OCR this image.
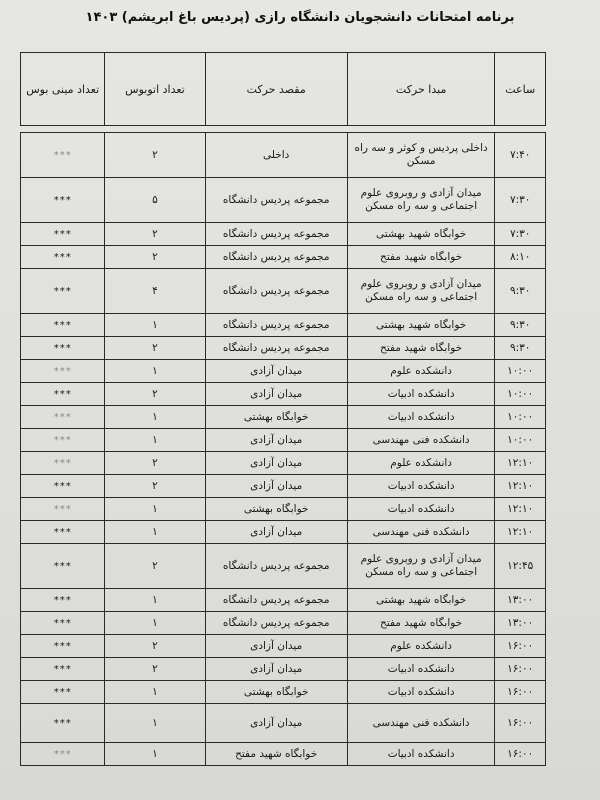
برنامه امتحانات دانشجویان دانشگاه رازی (پردیس باغ ابریشم) ۱۴۰۳
ساعت	مبدا حرکت	مقصد حرکت	تعداد اتوبوس	تعداد مینی بوس

۷:۴۰	داخلی پردیس و کوثر و سه راه مسکن	داخلی	۲	***
۷:۳۰	میدان آزادی و روبروی علوم اجتماعی و سه راه مسکن	مجموعه پردیس دانشگاه	۵	***
۷:۳۰	خوابگاه شهید بهشتی	مجموعه پردیس دانشگاه	۲	***
۸:۱۰	خوابگاه شهید مفتح	مجموعه پردیس دانشگاه	۲	***
۹:۳۰	میدان آزادی و روبروی علوم اجتماعی و سه راه مسکن	مجموعه پردیس دانشگاه	۴	***
۹:۳۰	خوابگاه شهید بهشتی	مجموعه پردیس دانشگاه	۱	***
۹:۳۰	خوابگاه شهید مفتح	مجموعه پردیس دانشگاه	۲	***
۱۰:۰۰	دانشکده علوم	میدان آزادی	۱	***
۱۰:۰۰	دانشکده ادبیات	میدان آزادی	۲	***
۱۰:۰۰	دانشکده ادبیات	خوابگاه بهشتی	۱	***
۱۰:۰۰	دانشکده فنی مهندسی	میدان آزادی	۱	***
۱۲:۱۰	دانشکده علوم	میدان آزادی	۲	***
۱۲:۱۰	دانشکده ادبیات	میدان آزادی	۲	***
۱۲:۱۰	دانشکده ادبیات	خوابگاه بهشتی	۱	***
۱۲:۱۰	دانشکده فنی مهندسی	میدان آزادی	۱	***
۱۲:۴۵	میدان آزادی و روبروی علوم اجتماعی و سه راه مسکن	مجموعه پردیس دانشگاه	۲	***
۱۳:۰۰	خوابگاه شهید بهشتی	مجموعه پردیس دانشگاه	۱	***
۱۳:۰۰	خوابگاه شهید مفتح	مجموعه پردیس دانشگاه	۱	***
۱۶:۰۰	دانشکده علوم	میدان آزادی	۲	***
۱۶:۰۰	دانشکده ادبیات	میدان آزادی	۲	***
۱۶:۰۰	دانشکده ادبیات	خوابگاه بهشتی	۱	***
۱۶:۰۰	دانشکده فنی مهندسی	میدان آزادی	۱	***
۱۶:۰۰	دانشکده ادبیات	خوابگاه شهید مفتح	۱	***
